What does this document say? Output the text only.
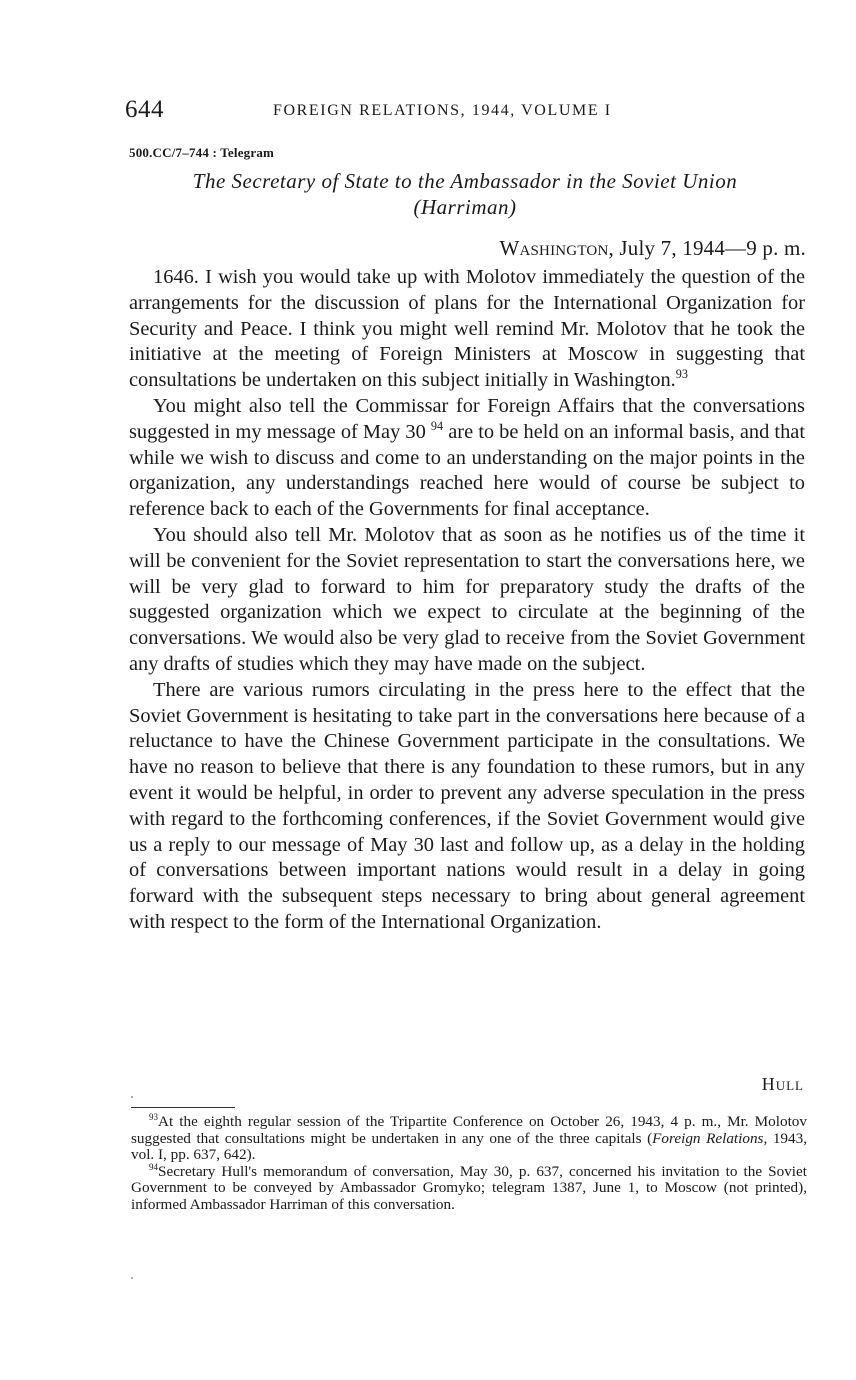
644	FOREIGN RELATIONS, 1944, VOLUME I
500.CC/7–744 : Telegram
The Secretary of State to the Ambassador in the Soviet Union
(Harriman)
Washington, July 7, 1944—9 p. m.

1646. I wish you would take up with Molotov immediately the question of the arrangements for the discussion of plans for the International Organization for Security and Peace. I think you might well remind Mr. Molotov that he took the initiative at the meeting of Foreign Ministers at Moscow in suggesting that consultations be undertaken on this subject initially in Washington.$^{93}$

You might also tell the Commissar for Foreign Affairs that the conversations suggested in my message of May 30 $^{94}$ are to be held on an informal basis, and that while we wish to discuss and come to an understanding on the major points in the organization, any understandings reached here would of course be subject to reference back to each of the Governments for final acceptance.

You should also tell Mr. Molotov that as soon as he notifies us of the time it will be convenient for the Soviet representation to start the conversations here, we will be very glad to forward to him for preparatory study the drafts of the suggested organization which we expect to circulate at the beginning of the conversations. We would also be very glad to receive from the Soviet Government any drafts of studies which they may have made on the subject.

There are various rumors circulating in the press here to the effect that the Soviet Government is hesitating to take part in the conversations here because of a reluctance to have the Chinese Government participate in the consultations. We have no reason to believe that there is any foundation to these rumors, but in any event it would be helpful, in order to prevent any adverse speculation in the press with regard to the forthcoming conferences, if the Soviet Government would give us a reply to our message of May 30 last and follow up, as a delay in the holding of conversations between important nations would result in a delay in going forward with the subsequent steps necessary to bring about general agreement with respect to the form of the International Organization.

Hull

$^{93}$At the eighth regular session of the Tripartite Conference on October 26, 1943, 4 p. m., Mr. Molotov suggested that consultations might be undertaken in any one of the three capitals (Foreign Relations, 1943, vol. I, pp. 637, 642).

$^{94}$Secretary Hull's memorandum of conversation, May 30, p. 637, concerned his invitation to the Soviet Government to be conveyed by Ambassador Gromyko; telegram 1387, June 1, to Moscow (not printed), informed Ambassador Harriman of this conversation.
